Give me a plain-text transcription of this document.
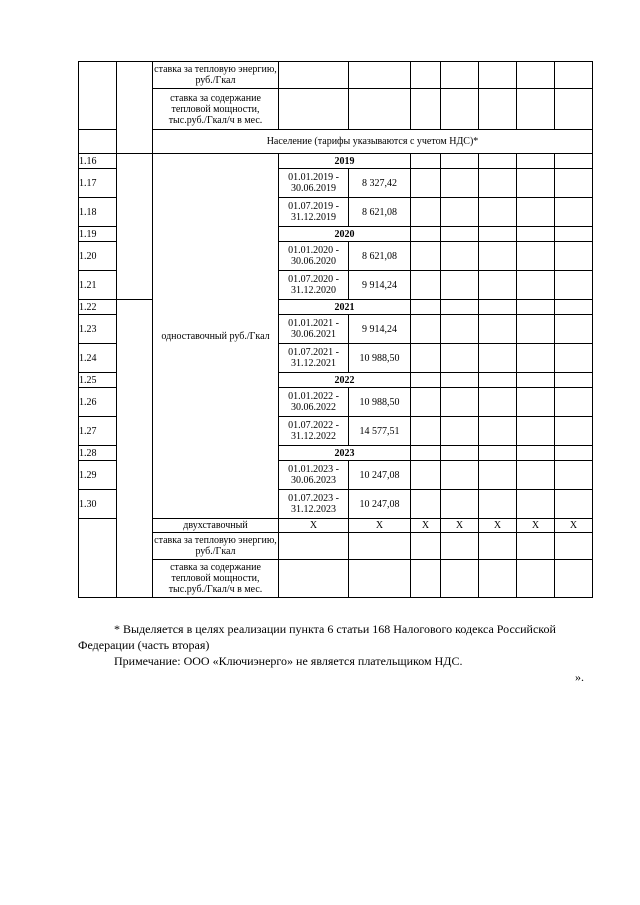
		ставка за тепловую энергию, руб./Гкал							
		ставка за содержание тепловой мощности, тыс.руб./Гкал/ч в мес.							
		Население (тарифы указываются с учетом НДС)*							
1.16		одноставочный руб./Гкал	2019						
1.17			01.01.2019 - 30.06.2019	8 327,42					
1.18			01.07.2019 - 31.12.2019	8 621,08					
1.19			2020						
1.20			01.01.2020 - 30.06.2020	8 621,08					
1.21			01.07.2020 - 31.12.2020	9 914,24					
1.22			2021						
1.23			01.01.2021 - 30.06.2021	9 914,24					
1.24			01.07.2021 - 31.12.2021	10 988,50					
1.25			2022						
1.26			01.01.2022 - 30.06.2022	10 988,50					
1.27			01.07.2022 - 31.12.2022	14 577,51					
1.28			2023						
1.29			01.01.2023 - 30.06.2023	10 247,08					
1.30			01.07.2023 - 31.12.2023	10 247,08					
		двухставочный	Х	Х	Х	Х	Х	Х	Х
		ставка за тепловую энергию, руб./Гкал							
		ставка за содержание тепловой мощности, тыс.руб./Гкал/ч в мес.							
* Выделяется в целях реализации пункта 6 статьи 168 Налогового кодекса Российской Федерации (часть вторая)
Примечание: ООО «Ключиэнерго» не является плательщиком НДС.
».
